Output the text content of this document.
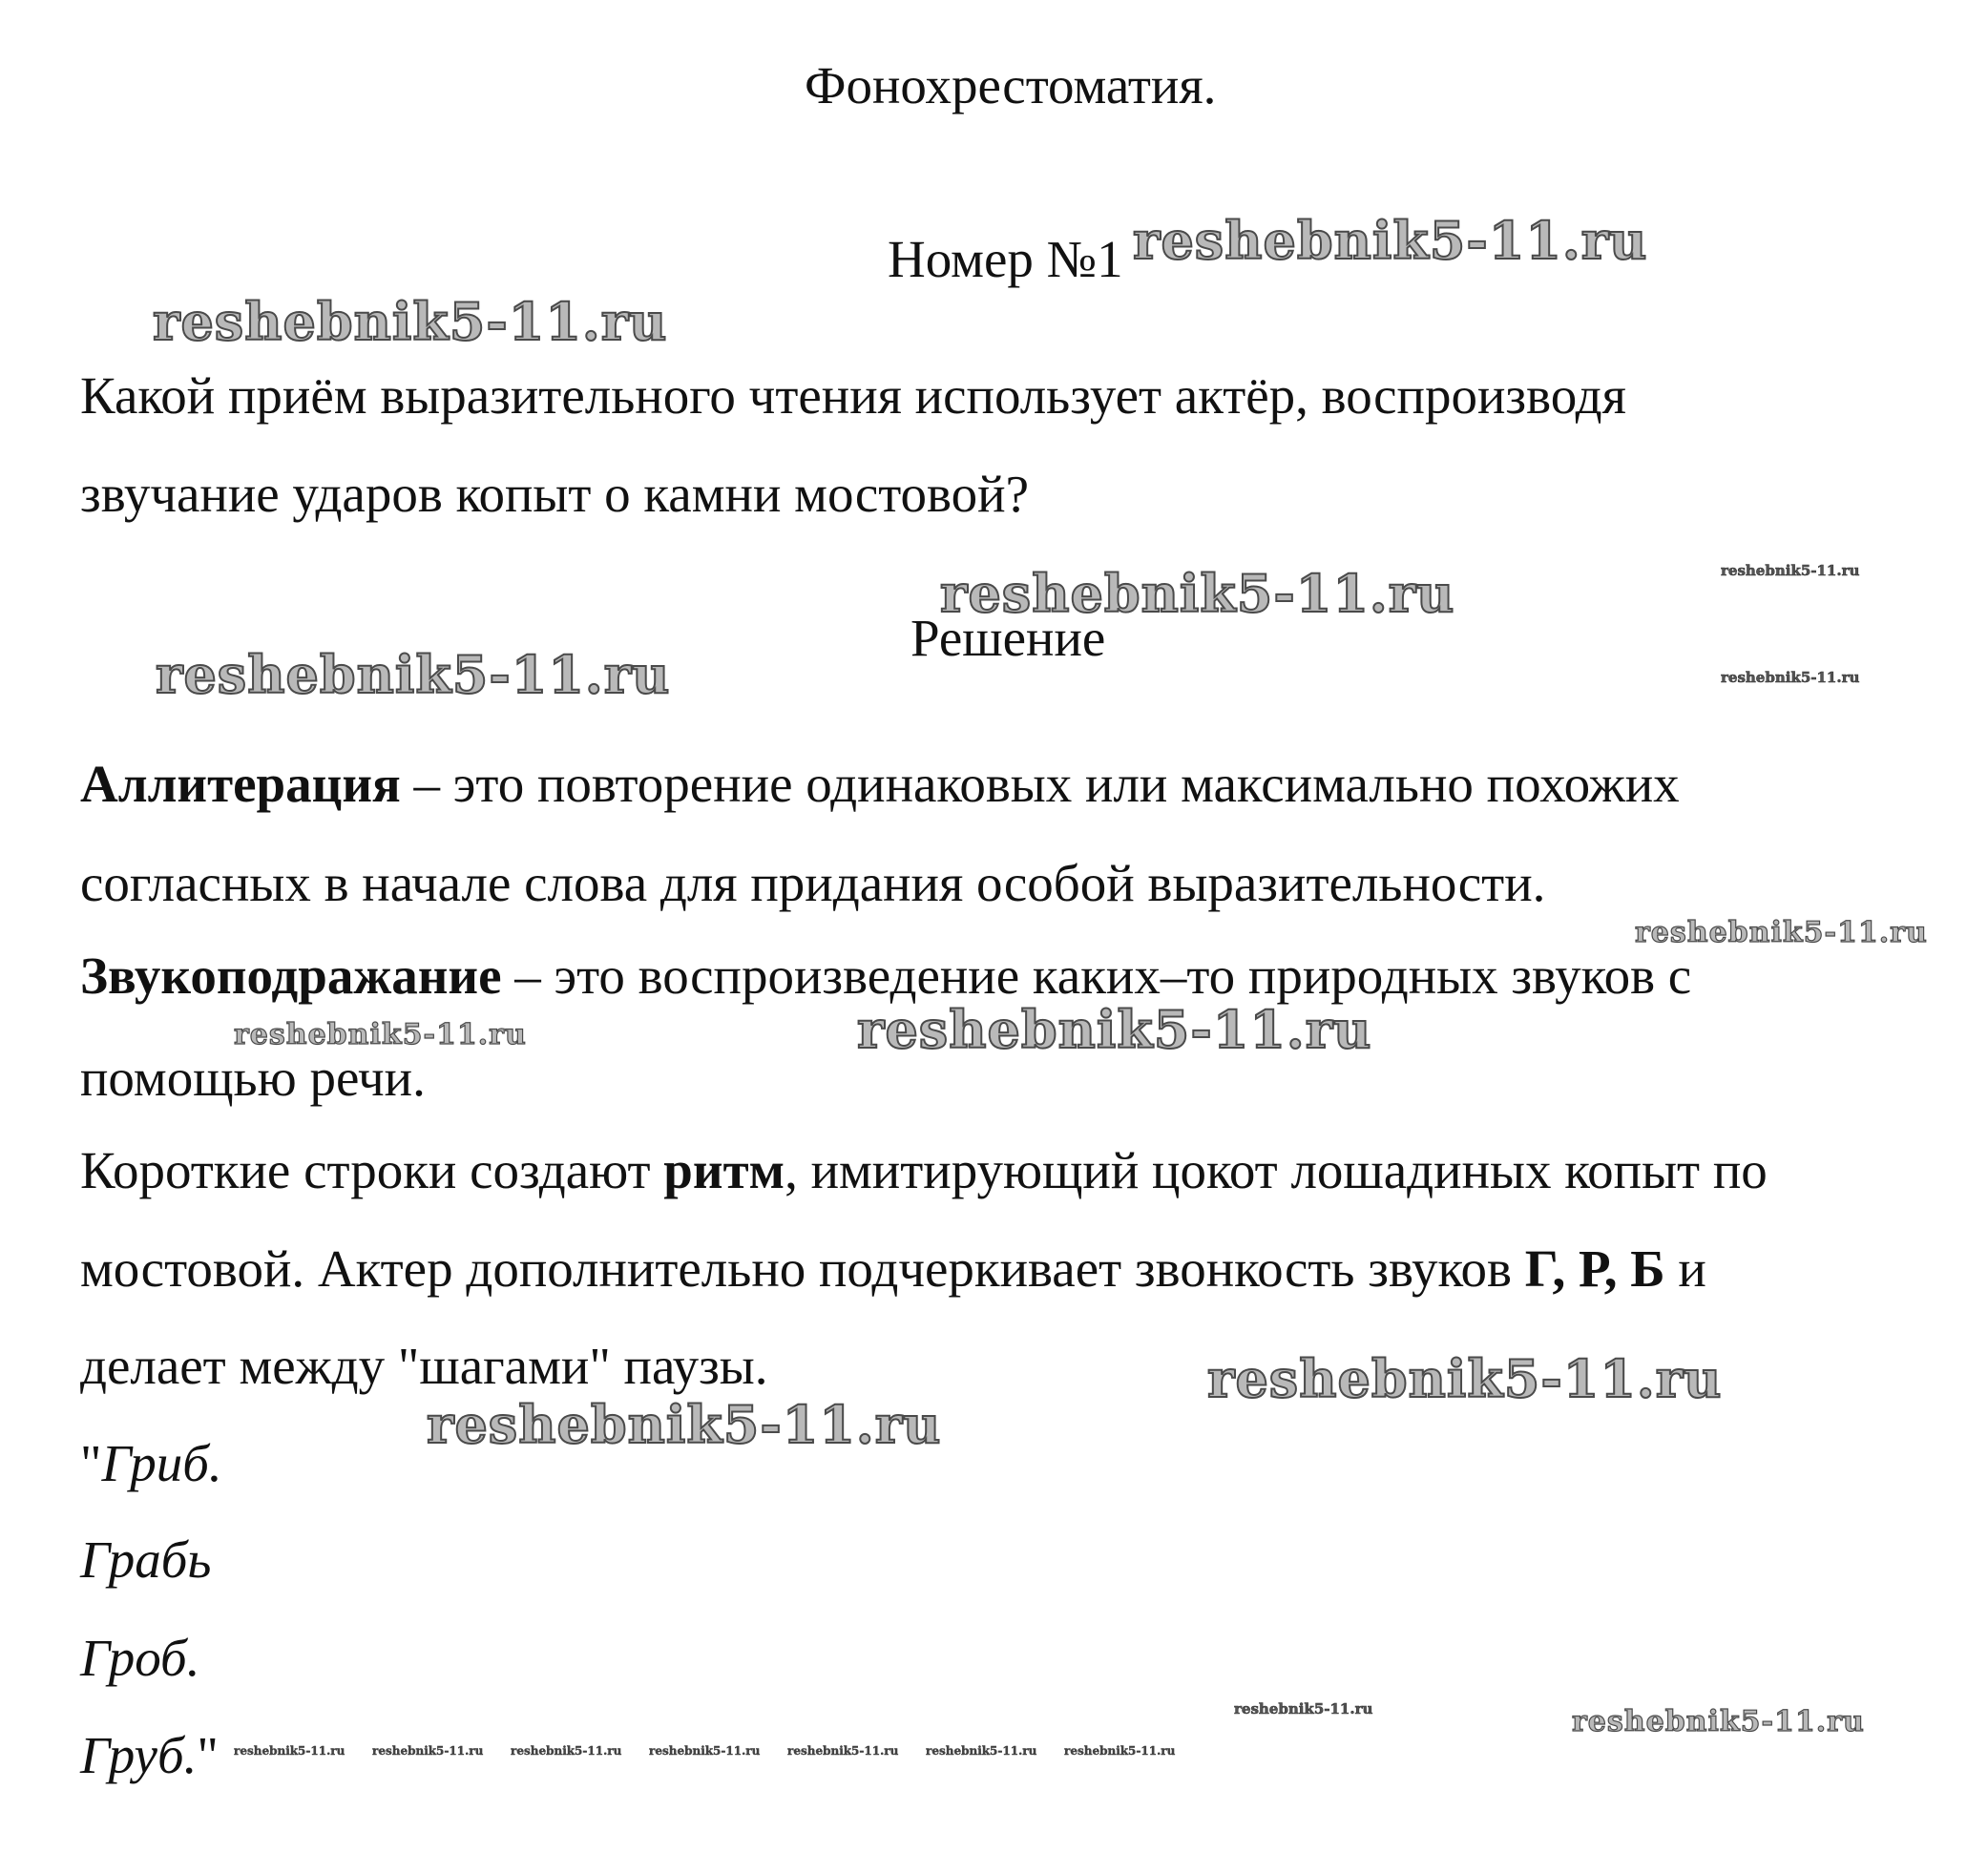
Фонохрестоматия.

Номер №1

Какой приём выразительного чтения использует актёр, воспроизводя

звучание ударов копыт о камни мостовой?

Решение

Аллитерация – это повторение одинаковых или максимально похожих

согласных в начале слова для придания особой выразительности.

Звукоподражание – это воспроизведение каких–то природных звуков с

помощью речи.

Короткие строки создают ритм, имитирующий цокот лошадиных копыт по

мостовой. Актер дополнительно подчеркивает звонкость звуков Г, Р, Б и

делает между "шагами" паузы.

"Гриб.

Грабь

Гроб.

Груб."

reshebnik5-11.ru
reshebnik5-11.ru
reshebnik5-11.ru
reshebnik5-11.ru
reshebnik5-11.ru
reshebnik5-11.ru
reshebnik5-11.ru
reshebnik5-11.ru
reshebnik5-11.ru
reshebnik5-11.ru
reshebnik5-11.ru
reshebnik5-11.ru
reshebnik5-11.ru
reshebnik5-11.ru reshebnik5-11.ru reshebnik5-11.ru reshebnik5-11.ru reshebnik5-11.ru reshebnik5-11.ru reshebnik5-11.ru
